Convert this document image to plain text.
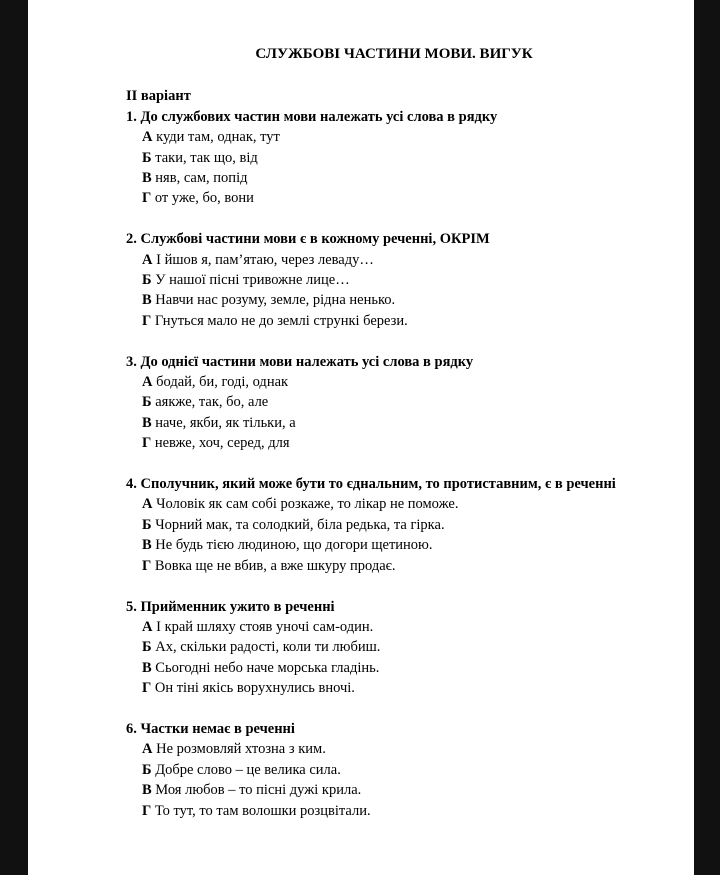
СЛУЖБОВІ ЧАСТИНИ МОВИ. ВИГУК

ІІ варіант

1. До службових частин мови належать усі слова в рядку

А куди там, однак, тут

Б таки, так що, від

В няв, сам, попід

Г от уже, бо, вони

2. Службові частини мови є в кожному реченні, ОКРІМ

А І йшов я, пам’ятаю, через леваду…

Б У нашої пісні тривожне лице…

В Навчи нас розуму, земле, рідна ненько.

Г Гнуться мало не до землі стрункі берези.

3. До однієї частини мови належать усі слова в рядку

А бодай, би, годі, однак

Б аякже, так, бо, але

В наче, якби, як тільки, а

Г невже, хоч, серед, для

4. Сполучник, який може бути то єднальним, то протиставним, є в реченні

А Чоловік як сам собі розкаже, то лікар не поможе.

Б Чорний мак, та солодкий, біла редька, та гірка.

В Не будь тією людиною, що догори щетиною.

Г Вовка ще не вбив, а вже шкуру продає.

5. Прийменник ужито в реченні

А І край шляху стояв уночі сам-один.

Б Ах, скільки радості, коли ти любиш.

В Сьогодні небо наче морська гладінь.

Г Он тіні якісь ворухнулись вночі.

6. Частки немає в реченні

А Не розмовляй хтозна з ким.

Б Добре слово – це велика сила.

В Моя любов – то пісні дужі крила.

Г То тут, то там волошки розцвітали.
